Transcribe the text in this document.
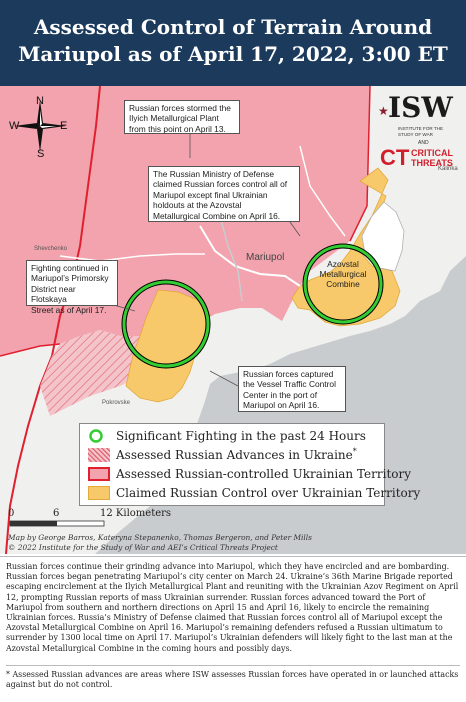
Assessed Control of Terrain Around
Mariupol as of April 17, 2022, 3:00 ET
N
S
E
W
ISW
★
INSTITUTE FOR THE STUDY OF WAR
AND
CT CRITICAL
THREATS
Mariupol
Shevchenko
Pokrovske
Kalinka
Azovstal
Metallurgical
Combine
Russian forces stormed the
Ilyich Metallurgical Plant
from this point on April 13.
The Russian Ministry of Defense
claimed Russian forces control all of
Mariupol except final Ukrainian
holdouts at the Azovstal
Metallurgical Combine on April 16.
Fighting continued in
Mariupol’s Primorsky
District near Flotskaya
Street as of April 17.
Russian forces captured
the Vessel Traffic Control
Center in the port of
Mariupol on April 16.
Significant Fighting in the past 24 Hours
Assessed Russian Advances in Ukraine*
Assessed Russian-controlled Ukrainian Territory
Claimed Russian Control over Ukrainian Territory
0	6	12 Kilometers
Map by George Barros, Kateryna Stepanenko, Thomas Bergeron, and Peter Mills
© 2022 Institute for the Study of War and AEI’s Critical Threats Project
Russian forces continue their grinding advance into Mariupol, which they have encircled and are bombarding. Russian forces began penetrating Mariupol’s city center on March 24. Ukraine’s 36th Marine Brigade reported escaping encirclement at the Ilyich Metallurgical Plant and reuniting with the Ukrainian Azov Regiment on April 12, prompting Russian reports of mass Ukrainian surrender. Russian forces advanced toward the Port of Mariupol from southern and northern directions on April 15 and April 16, likely to encircle the remaining Ukrainian forces. Russia’s Ministry of Defense claimed that Russian forces control all of Mariupol except the Azovstal Metallurgical Combine on April 16. Mariupol’s remaining defenders refused a Russian ultimatum to surrender by 1300 local time on April 17. Mariupol’s Ukrainian defenders will likely fight to the last man at the Azovstal Metallurgical Combine in the coming hours and possibly days.
* Assessed Russian advances are areas where ISW assesses Russian forces have operated in or launched attacks against but do not control.
